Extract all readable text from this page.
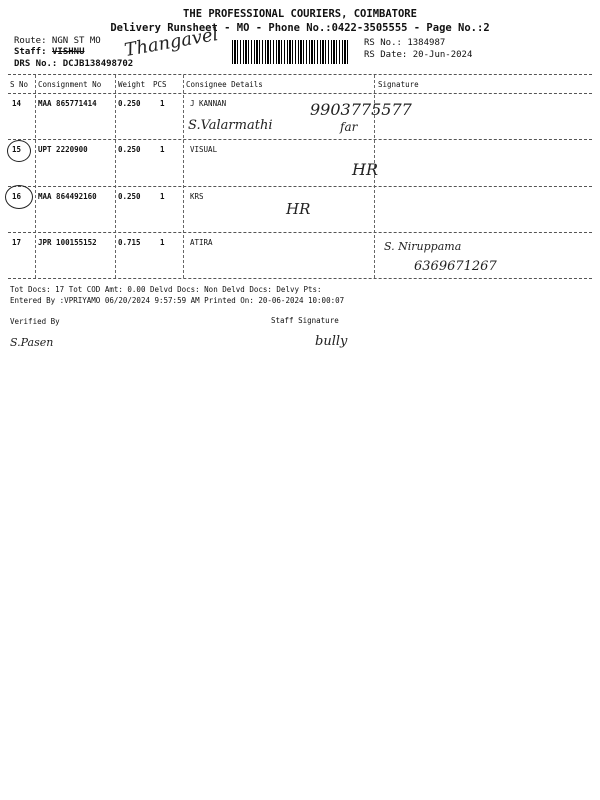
THE PROFESSIONAL COURIERS, COIMBATORE
Delivery Runsheet - MO - Phone No.:0422-3505555 - Page No.:2
Route: NGN ST MO
Staff: VISHNU
DRS No.: DCJB138498702
Thangavel	RS No.: 1384987
RS Date: 20-Jun-2024
S No Consignment No Weight PCS	Consignee Details	Signature
14 MAA 865771414	0.250	1	J KANNAN
S.Valarmathi
9903775577
far
15 UPT 2220900	0.250	1	VISUAL
HR
16 MAA 864492160	0.250	1	KRS
HR
17 JPR 100155152	0.715	1	ATIRA	S. Niruppama
6369671267
Tot Docs: 17 Tot COD Amt: 0.00 Delvd Docs: Non Delvd Docs: Delvy Pts:
Entered By :VPRIYAMO 06/20/2024 9:57:59 AM Printed On: 20-06-2024 10:00:07
Verified By
S.Pasen
Staff Signature
bully
